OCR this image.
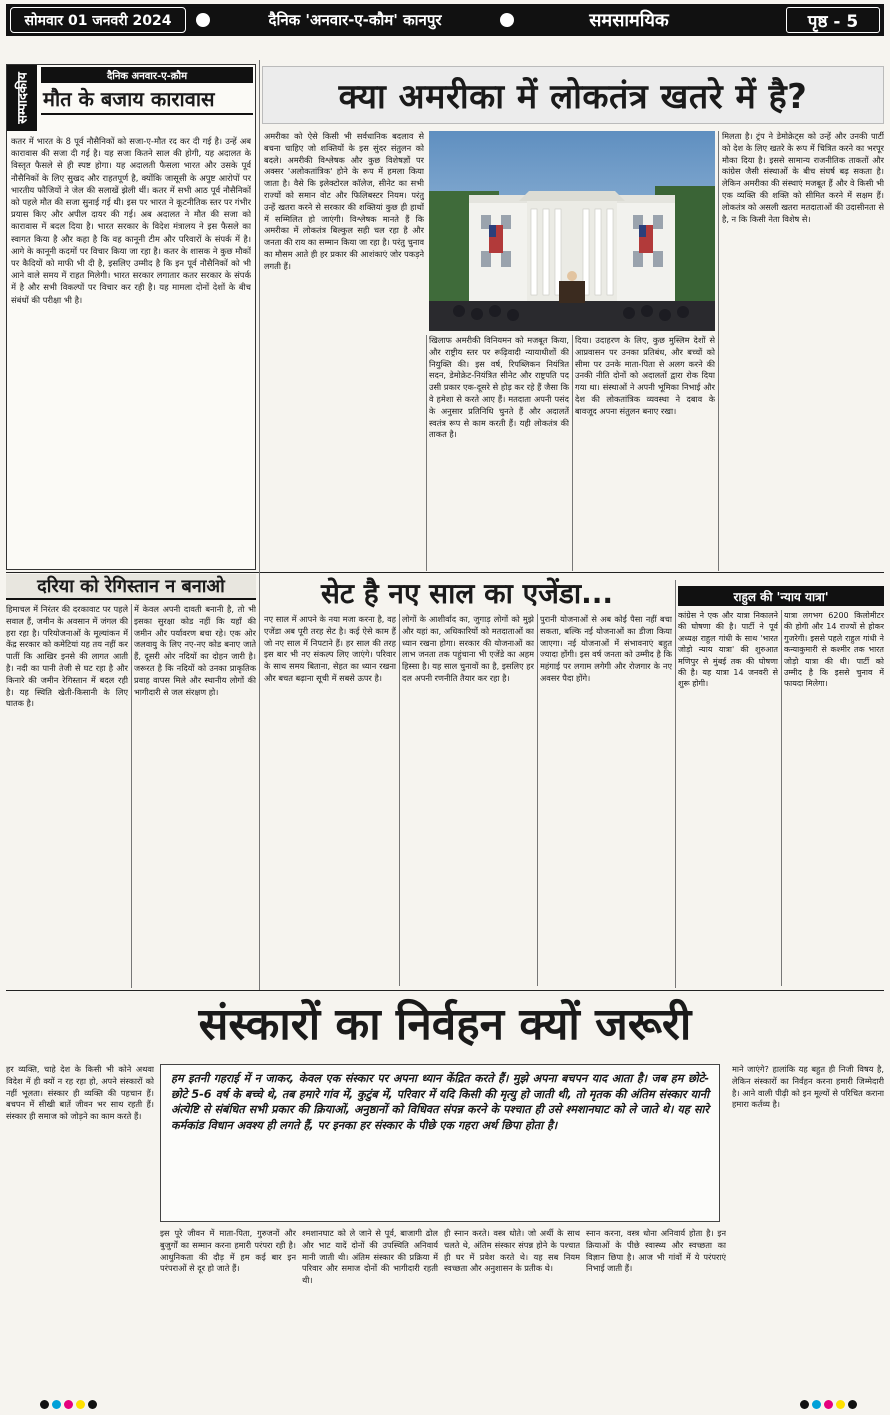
सोमवार 01 जनवरी 2024	दैनिक 'अनवार-ए-कौम' कानपुर	समसामयिक	पृष्ठ - 5
सम्पादकीय	दैनिक अनवार-ए-क़ौम
मौत के बजाय कारावास
कतर में भारत के 8 पूर्व नौसैनिकों को सजा-ए-मौत रद कर दी गई है। उन्हें अब कारावास की सजा दी गई है। यह सजा कितने साल की होगी, यह अदालत के विस्तृत फैसले से ही स्पष्ट होगा। यह अदालती फैसला भारत और उसके पूर्व नौसैनिकों के लिए सुखद और राहतपूर्ण है, क्योंकि जासूसी के अपुष्ट आरोपों पर भारतीय फौजियों ने जेल की सलाखें झेली थीं। कतर में सभी आठ पूर्व नौसैनिकों को पहले मौत की सजा सुनाई गई थी। इस पर भारत ने कूटनीतिक स्तर पर गंभीर प्रयास किए और अपील दायर की गई। अब अदालत ने मौत की सजा को कारावास में बदल दिया है। भारत सरकार के विदेश मंत्रालय ने इस फैसले का स्वागत किया है और कहा है कि वह कानूनी टीम और परिवारों के संपर्क में है। आगे के कानूनी कदमों पर विचार किया जा रहा है। कतर के शासक ने कुछ मौकों पर कैदियों को माफी भी दी है, इसलिए उम्मीद है कि इन पूर्व नौसैनिकों को भी आने वाले समय में राहत मिलेगी। भारत सरकार लगातार कतर सरकार के संपर्क में है और सभी विकल्पों पर विचार कर रही है। यह मामला दोनों देशों के बीच संबंधों की परीक्षा भी है।
क्या अमरीका में लोकतंत्र खतरे में है?
अमरीका को ऐसे किसी भी सर्वधानिक बदलाव से बचना चाहिए जो शक्तियों के इस सुंदर संतुलन को बदले। अमरीकी विश्लेषक और कुछ विशेषज्ञों पर अक्सर 'अलोकतांत्रिक' होने के रूप में हमला किया जाता है। वैसे कि इलेक्टोरल कॉलेज, सीनेट का सभी राज्यों को समान वोट और फिलिबस्टर नियम। परंतु उन्हें खतरा करने से सरकार की शक्तियां कुछ ही हाथों में सम्मिलित हो जाएंगी। विश्लेषक मानते हैं कि अमरीका में लोकतंत्र बिल्कुल सही चल रहा है और जनता की राय का सम्मान किया जा रहा है। परंतु चुनाव का मौसम आते ही हर प्रकार की आशंकाएं जोर पकड़ने लगती हैं।
खिलाफ अमरीकी विनियमन को मजबूत किया, और राष्ट्रीय स्तर पर रूढ़िवादी न्यायाधीशों की नियुक्ति की। इस वर्ष, रिपब्लिकन नियंत्रित सदन, डेमोक्रेट-नियंत्रित सीनेट और राष्ट्रपति पद उसी प्रकार एक-दूसरे से होड़ कर रहे हैं जैसा कि वे हमेशा से करते आए हैं। मतदाता अपनी पसंद के अनुसार प्रतिनिधि चुनते हैं और अदालतें स्वतंत्र रूप से काम करती हैं। यही लोकतंत्र की ताकत है।
दिया। उदाहरण के लिए, कुछ मुस्लिम देशों से आप्रवासन पर उनका प्रतिबंध, और बच्चों को सीमा पर उनके माता-पिता से अलग करने की उनकी नीति दोनों को अदालतों द्वारा रोक दिया गया था। संस्थाओं ने अपनी भूमिका निभाई और देश की लोकतांत्रिक व्यवस्था ने दबाव के बावजूद अपना संतुलन बनाए रखा।
मिलता है। ट्रंप ने डेमोक्रेट्स को उन्हें और उनकी पार्टी को देश के लिए खतरे के रूप में चित्रित करने का भरपूर मौका दिया है। इससे सामान्य राजनीतिक ताकतों और कांग्रेस जैसी संस्थाओं के बीच संघर्ष बढ़ सकता है। लेकिन अमरीका की संस्थाएं मजबूत हैं और वे किसी भी एक व्यक्ति की शक्ति को सीमित करने में सक्षम हैं। लोकतंत्र को असली खतरा मतदाताओं की उदासीनता से है, न कि किसी नेता विशेष से।
दरिया को रेगिस्तान न बनाओ
हिमाचल में निरंतर की दरकावाट पर पहले सवाल हैं, जमीन के अवसान में जंगल की हरा रहा है। परियोजनाओं के मूल्यांकन में केंद्र सरकार को कमेटियां यह तय नहीं कर पातीं कि आखिर इनसे की लागत आती है। नदी का पानी तेजी से घट रहा है और किनारे की जमीन रेगिस्तान में बदल रही है। यह स्थिति खेती-किसानी के लिए घातक है।
में केवल अपनी दावती बनानी है, तो भी इसका सुरक्षा कोड नहीं कि यहाँ की जमीन और पर्यावरण बचा रहे। एक ओर जलवायु के लिए नए-नए कोड बनाए जाते हैं, दूसरी ओर नदियों का दोहन जारी है। जरूरत है कि नदियों को उनका प्राकृतिक प्रवाह वापस मिले और स्थानीय लोगों की भागीदारी से जल संरक्षण हो।
सेट है नए साल का एजेंडा...
नए साल में आपने के नया मजा करना है, वह एजेंडा अब पूरी तरह सेट है। कई ऐसे काम हैं जो नए साल में निपटाने हैं। हर साल की तरह इस बार भी नए संकल्प लिए जाएंगे। परिवार के साथ समय बिताना, सेहत का ध्यान रखना और बचत बढ़ाना सूची में सबसे ऊपर है।
लोगों के आशीर्वाद का, जुगाड़ लोगों को मुझे और यहां का, अधिकारियों को मतदाताओं का ध्यान रखना होगा। सरकार की योजनाओं का लाभ जनता तक पहुंचाना भी एजेंडे का अहम हिस्सा है। यह साल चुनावों का है, इसलिए हर दल अपनी रणनीति तैयार कर रहा है।
पुरानी योजनाओं से अब कोई पैसा नहीं बचा सकता, बल्कि नई योजनाओं का डीजा किया जाएगा। नई योजनाओं में संभावनाएं बहुत ज्यादा होंगी। इस वर्ष जनता को उम्मीद है कि महंगाई पर लगाम लगेगी और रोजगार के नए अवसर पैदा होंगे।
राहुल की 'न्याय यात्रा'
कांग्रेस ने एक और यात्रा निकालने की घोषणा की है। पार्टी ने पूर्व अध्यक्ष राहुल गांधी के साथ 'भारत जोड़ो न्याय यात्रा' की शुरुआत मणिपुर से मुंबई तक की घोषणा की है। यह यात्रा 14 जनवरी से शुरू होगी।
यात्रा लगभग 6200 किलोमीटर की होगी और 14 राज्यों से होकर गुजरेगी। इससे पहले राहुल गांधी ने कन्याकुमारी से कश्मीर तक भारत जोड़ो यात्रा की थी। पार्टी को उम्मीद है कि इससे चुनाव में फायदा मिलेगा।
संस्कारों का निर्वहन क्यों जरूरी
हर व्यक्ति, चाहे देश के किसी भी कोने अथवा विदेश में ही क्यों न रह रहा हो, अपने संस्कारों को नहीं भूलता। संस्कार ही व्यक्ति की पहचान हैं। बचपन में सीखी बातें जीवन भर साथ रहती हैं। संस्कार ही समाज को जोड़ने का काम करते हैं।
हम इतनी गहराई में न जाकर, केवल एक संस्कार पर अपना ध्यान केंद्रित करते हैं। मुझे अपना बचपन याद आता है। जब हम छोटे-छोटे 5-6 वर्ष के बच्चे थे, तब हमारे गांव में, कुटुंब में, परिवार में यदि किसी की मृत्यु हो जाती थी, तो मृतक की अंतिम संस्कार यानी अंत्येष्टि से संबंधित सभी प्रकार की क्रियाओं, अनुष्ठानों को विधिवत संपन्न करने के पश्चात ही उसे श्मशानघाट को ले जाते थे। यह सारे कर्मकांड विधान अवश्य ही लगते हैं, पर इनका हर संस्कार के पीछे एक गहरा अर्थ छिपा होता है।
इस पूरे जीवन में माता-पिता, गुरुजनों और बुजुर्गों का सम्मान करना हमारी परंपरा रही है। आधुनिकता की दौड़ में हम कई बार इन परंपराओं से दूर हो जाते हैं।
श्मशानघाट को ले जाने से पूर्व, बाजागी ढोल और भाट यादें दोनों की उपस्थिति अनिवार्य मानी जाती थी। अंतिम संस्कार की प्रक्रिया में परिवार और समाज दोनों की भागीदारी रहती थी।
ही स्नान करते। वस्त्र धोते। जो अर्थी के साथ चलते थे, अंतिम संस्कार संपन्न होने के पश्चात ही घर में प्रवेश करते थे। यह सब नियम स्वच्छता और अनुशासन के प्रतीक थे।
स्नान करना, वस्त्र धोना अनिवार्य होता है। इन क्रियाओं के पीछे स्वास्थ्य और स्वच्छता का विज्ञान छिपा है। आज भी गांवों में ये परंपराएं निभाई जाती हैं।
माने जाएंगे? हालांकि यह बहुत ही निजी विषय है, लेकिन संस्कारों का निर्वहन करना हमारी जिम्मेदारी है। आने वाली पीढ़ी को इन मूल्यों से परिचित कराना हमारा कर्तव्य है।
